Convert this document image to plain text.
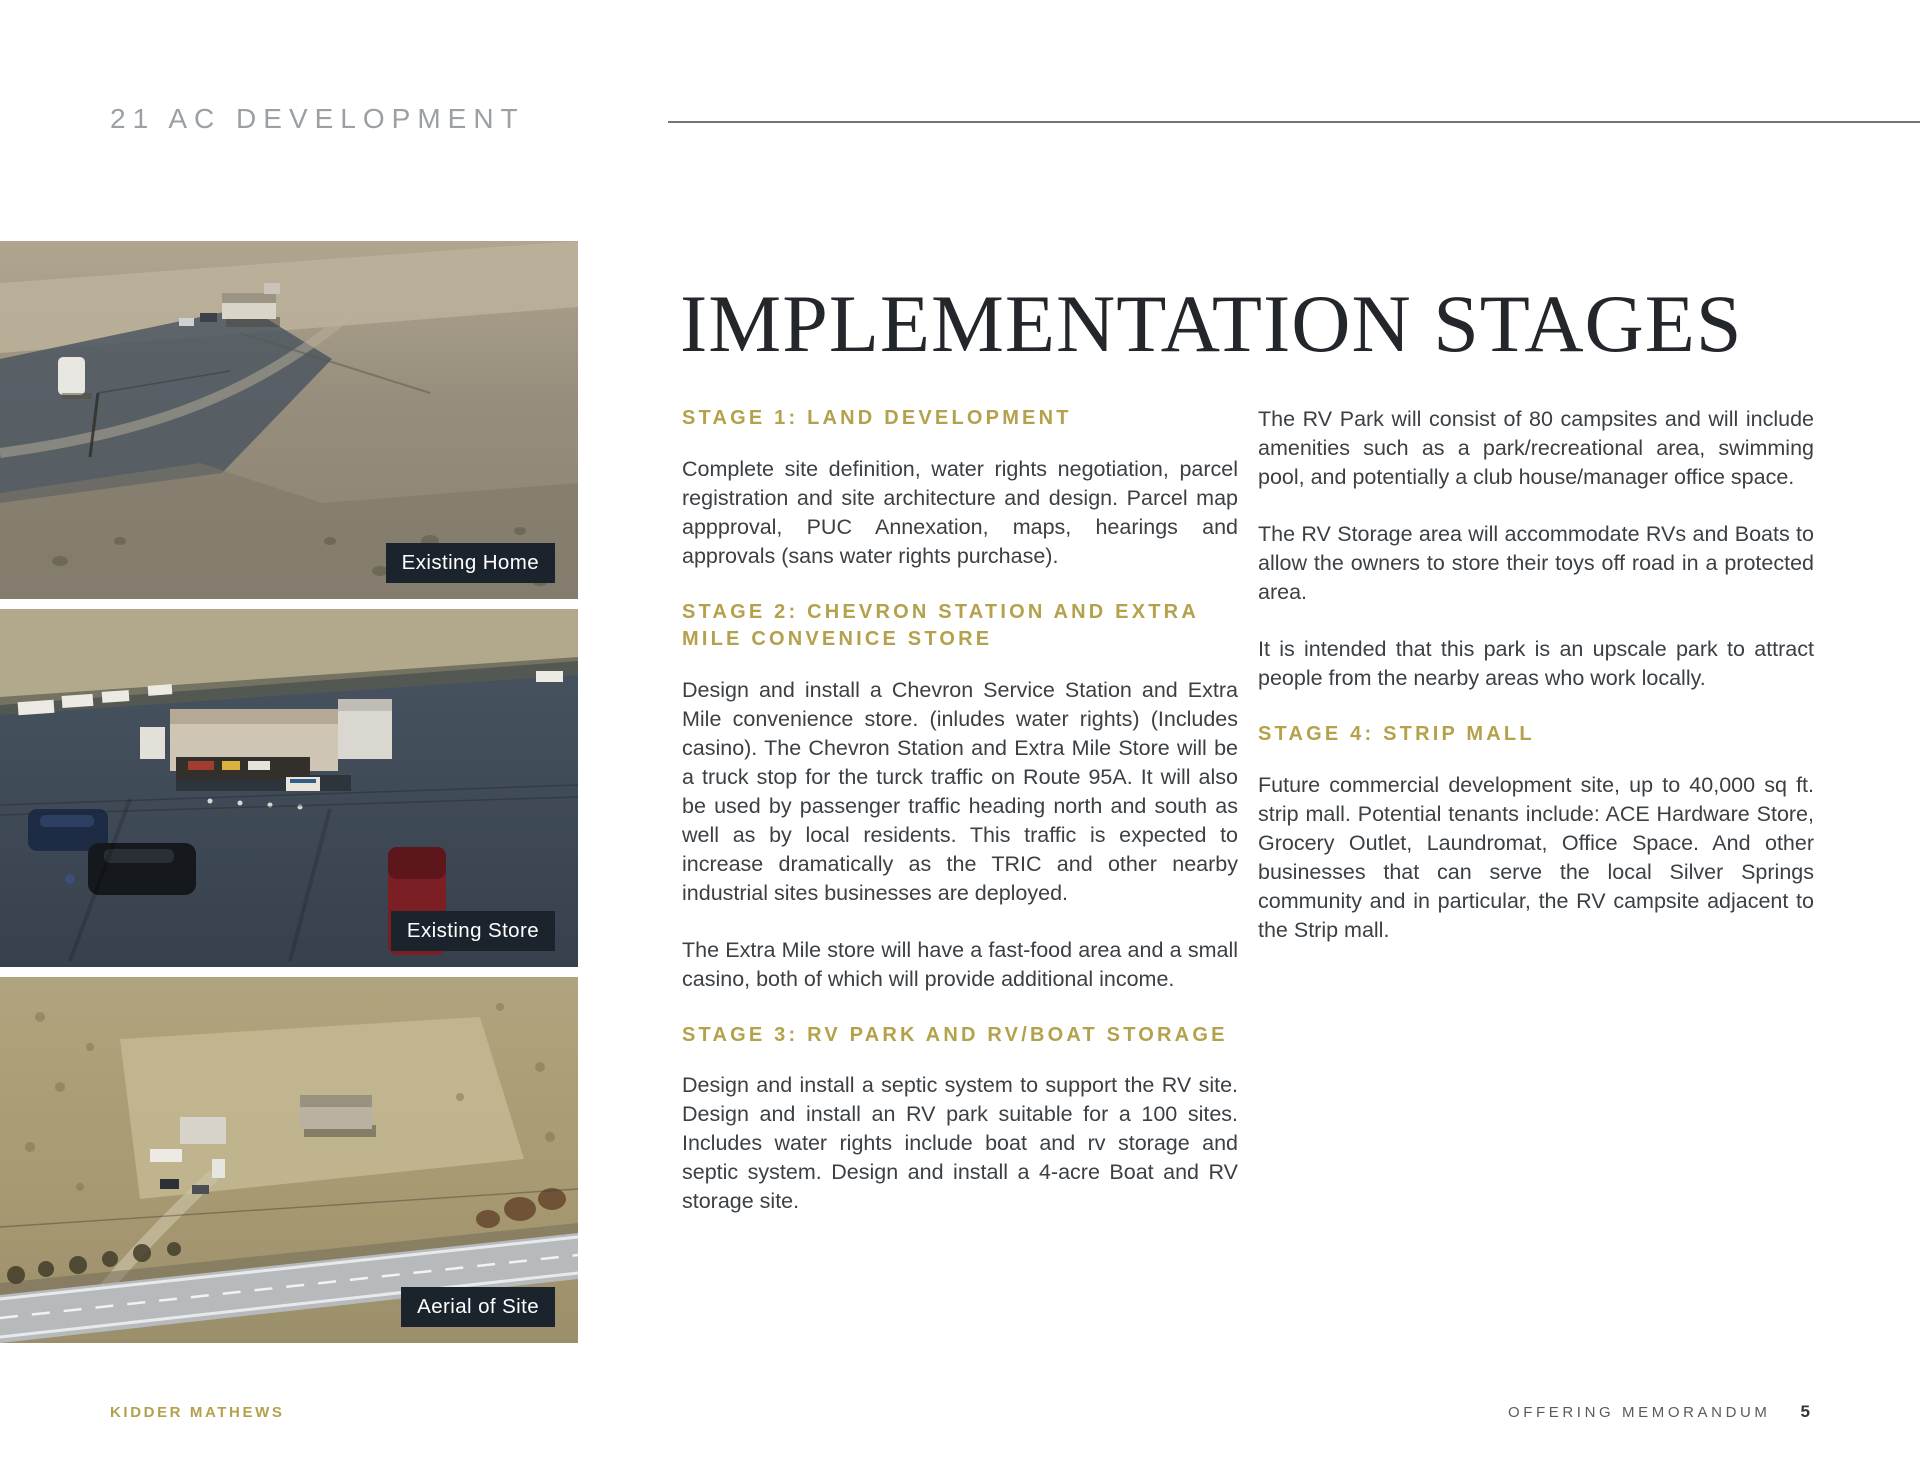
21 AC DEVELOPMENT
Existing Home
Existing Store
Aerial of Site
IMPLEMENTATION STAGES

STAGE 1: LAND DEVELOPMENT

Complete site definition, water rights negotiation, parcel registration and site architecture and design. Parcel map appproval, PUC Annexation, maps, hearings and approvals (sans water rights purchase).

STAGE 2: CHEVRON STATION AND EXTRA MILE CONVENICE STORE

Design and install a Chevron Service Station and Extra Mile convenience store. (inludes water rights) (Includes casino). The Chevron Station and Extra Mile Store will be a truck stop for the turck traffic on Route 95A. It will also be used by passenger traffic heading north and south as well as by local residents. This traffic is expected to increase dramatically as the TRIC and other nearby industrial sites businesses are deployed.

The Extra Mile store will have a fast-food area and a small casino, both of which will provide additional income.

STAGE 3: RV PARK AND RV/BOAT STORAGE

Design and install a septic system to support the RV site. Design and install an RV park suitable for a 100 sites. Includes water rights include boat and rv storage and septic system. Design and install a 4-acre Boat and RV storage site.

The RV Park will consist of 80 campsites and will include amenities such as a park/recreational area, swimming pool, and potentially a club house/manager office space.

The RV Storage area will accommodate RVs and Boats to allow the owners to store their toys off road in a protected area.

It is intended that this park is an upscale park to attract people from the nearby areas who work locally.

STAGE 4: STRIP MALL

Future commercial development site, up to 40,000 sq ft. strip mall. Potential tenants include: ACE Hardware Store, Grocery Outlet, Laundromat, Office Space. And other businesses that can serve the local Silver Springs community and in particular, the RV campsite adjacent to the Strip mall.

KIDDER MATHEWS	OFFERING MEMORANDUM 5
